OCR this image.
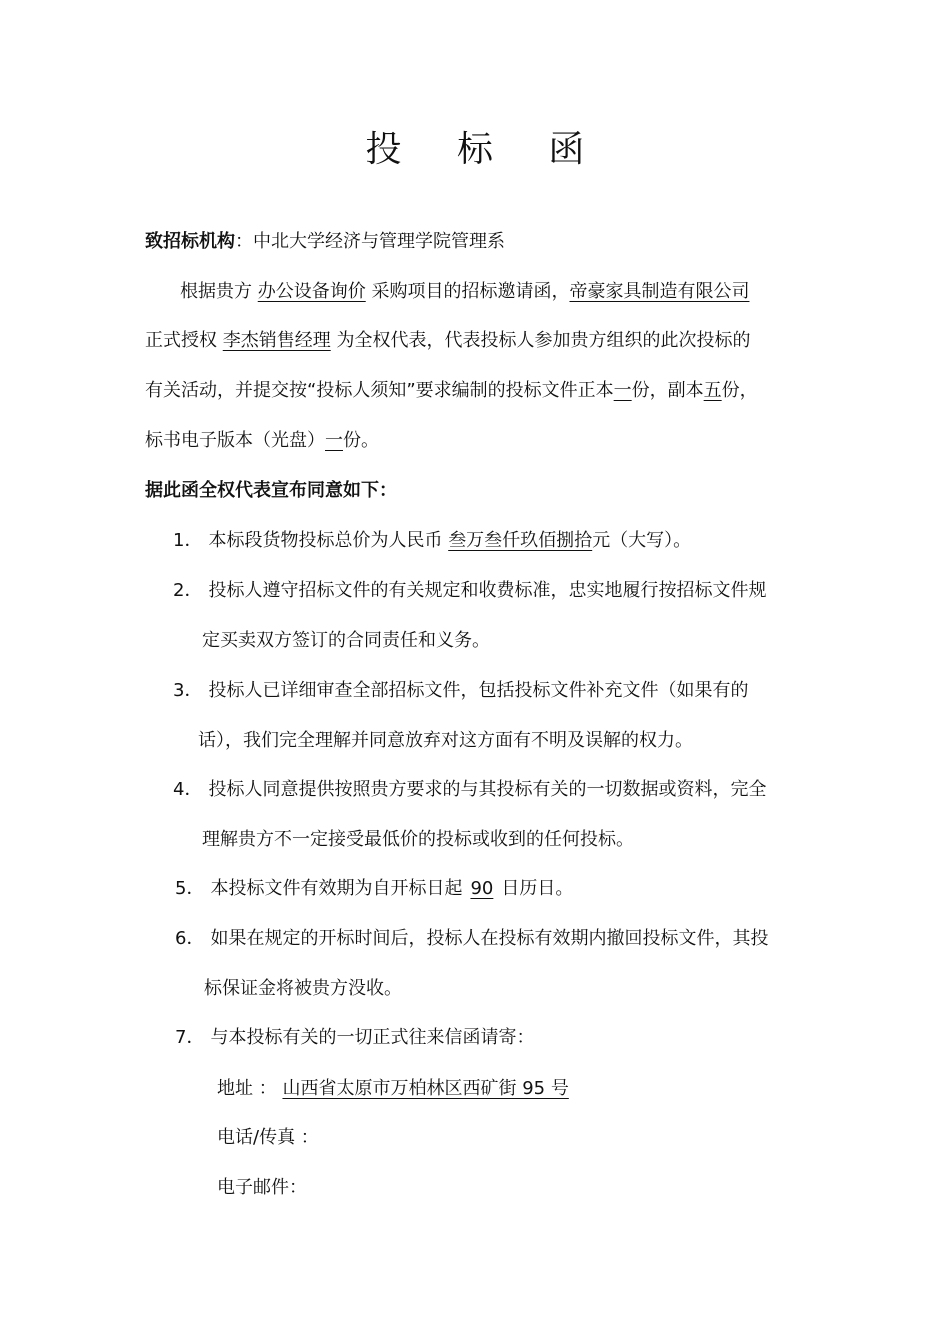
投 标 函
致招标机构：中北大学经济与管理学院管理系
根据贵方 办公设备询价 采购项目的招标邀请函，帝豪家具制造有限公司
正式授权 李杰销售经理 为全权代表，代表投标人参加贵方组织的此次投标的
有关活动，并提交按“投标人须知”要求编制的投标文件正本一份，副本五份，
标书电子版本（光盘）一份。
据此函全权代表宣布同意如下：
1． 本标段货物投标总价为人民币 叁万叁仟玖佰捌拾元（大写）。
2． 投标人遵守招标文件的有关规定和收费标准，忠实地履行按招标文件规
定买卖双方签订的合同责任和义务。
3． 投标人已详细审查全部招标文件，包括投标文件补充文件（如果有的
话），我们完全理解并同意放弃对这方面有不明及误解的权力。
4． 投标人同意提供按照贵方要求的与其投标有关的一切数据或资料，完全
理解贵方不一定接受最低价的投标或收到的任何投标。
5． 本投标文件有效期为自开标日起 90 日历日。
6． 如果在规定的开标时间后，投标人在投标有效期内撤回投标文件，其投
标保证金将被贵方没收。
7． 与本投标有关的一切正式往来信函请寄：
地址 ： 山西省太原市万柏林区西矿街 95 号
电话/传真 ：
电子邮件：
